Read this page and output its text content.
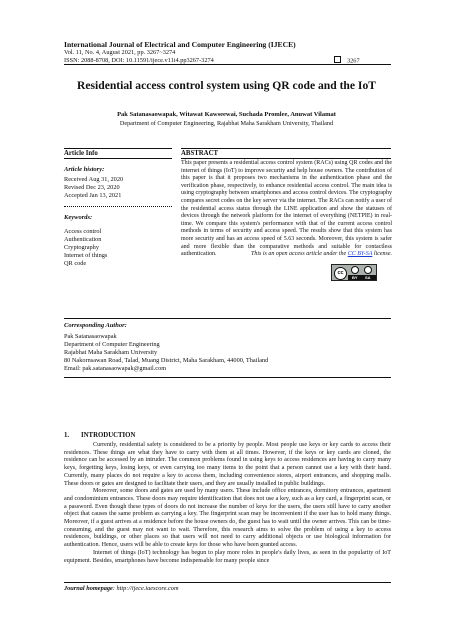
International Journal of Electrical and Computer Engineering (IJECE)
Vol. 11, No. 4, August 2021, pp. 3267~3274
ISSN: 2088-8708, DOI: 10.11591/ijece.v11i4.pp3267-3274	3267
Residential access control system using QR code and the IoT
Pak Satanasaowapak, Witawat Kawseewai, Suchada Promlee, Anuwat Vilamat
Department of Computer Engineering, Rajabhat Maha Sarakham University, Thailand
Article Info	ABSTRACT
Article history:
Received Aug 31, 2020
Revised Dec 23, 2020
Accepted Jan 13, 2021
Keywords:
Access control
Authentication
Cryptography
Internet of things
QR code
This paper presents a residential access control system (RACs) using QR codes and the internet of things (IoT) to improve security and help house owners. The contribution of this paper is that it proposes two mechanisms in the authentication phase and the verification phase, respectively, to enhance residential access control. The main idea is using cryptography between smartphones and access control devices. The cryptography compares secret codes on the key server via the internet. The RACs can notify a user of the residential access status through the LINE application and show the statuses of devices through the network platform for the internet of everything (NETPIE) in real-time. We compare this system's performance with that of the current access control methods in terms of security and access speed. The results show that this system has more security and has an access speed of 5.63 seconds. Moreover, this system is safer and more flexible than the comparative methods and suitable for contactless authentication.	This is an open access article under the CC BY-SA license.
cc
BY SA
Corresponding Author:
Pak Satanasaowapak
Department of Computer Engineering
Rajabhat Maha Sarakham University
80 Nakornsawan Road, Talad, Muang District, Maha Sarakham, 44000, Thailand
Email: pak.satanasaowapak@gmail.com
1. INTRODUCTION

Currently, residential safety is considered to be a priority by people. Most people use keys or key cards to access their residences. These things are what they have to carry with them at all times. However, if the keys or key cards are cloned, the residence can be accessed by an intruder. The common problems found in using keys to access residences are having to carry many keys, forgetting keys, losing keys, or even carrying too many items to the point that a person cannot use a key with their hand. Currently, many places do not require a key to access them, including convenience stores, airport entrances, and shopping malls. These doors or gates are designed to facilitate their users, and they are usually installed in public buildings.

Moreover, some doors and gates are used by many users. These include office entrances, dormitory entrances, apartment and condominium entrances. These doors may require identification that does not use a key, such as a key card, a fingerprint scan, or a password. Even though these types of doors do not increase the number of keys for the users, the users still have to carry another object that causes the same problem as carrying a key. The fingerprint scan may be inconvenient if the user has to hold many things. Moreover, if a guest arrives at a residence before the house owners do, the guest has to wait until the owner arrives. This can be time-consuming, and the guest may not want to wait. Therefore, this research aims to solve the problem of using a key to access residences, buildings, or other places so that users will not need to carry additional objects or use biological information for authentication. Hence, users will be able to create keys for those who have been granted access.

Internet of things (IoT) technology has begun to play more roles in people's daily lives, as seen in the popularity of IoT equipment. Besides, smartphones have become indispensable for many people since

Journal homepage: http://ijece.iaescore.com
